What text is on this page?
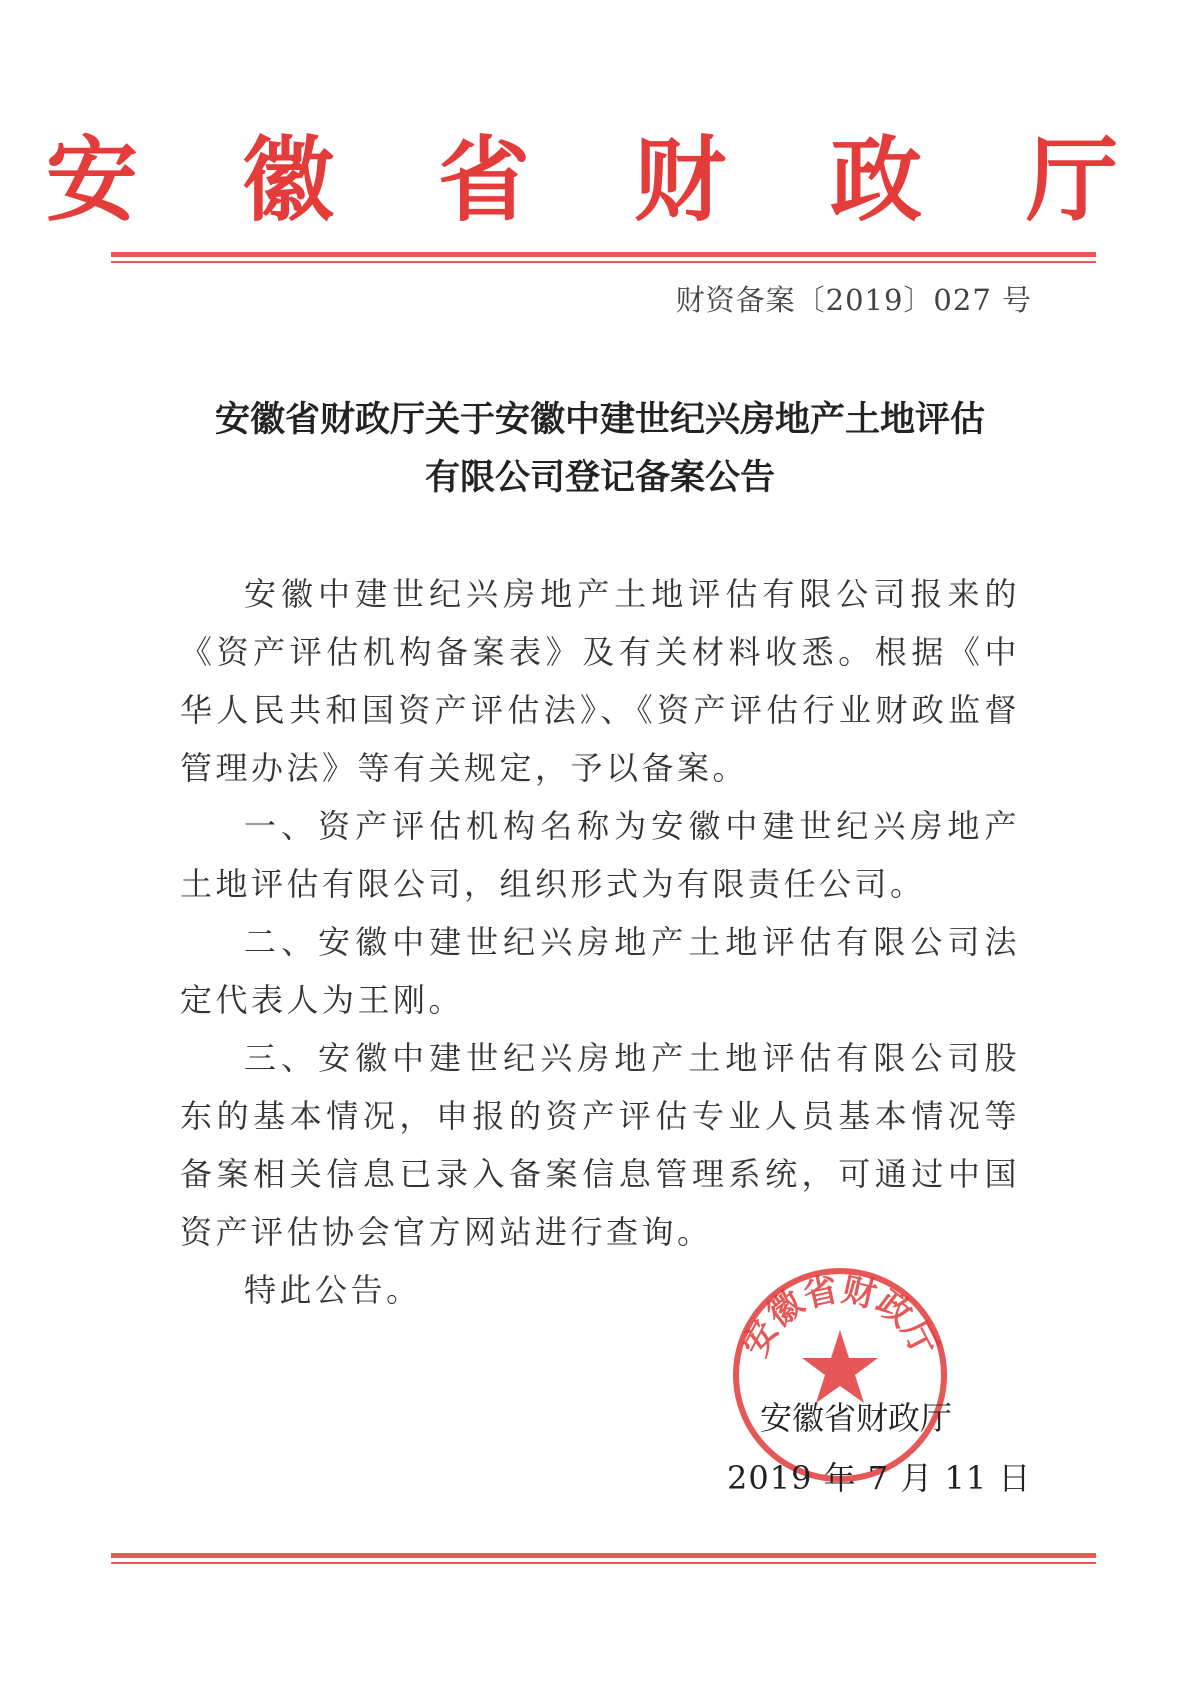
安 徽 省 财 政 厅
财资备案〔2019〕027 号
安徽省财政厅关于安徽中建世纪兴房地产土地评估
有限公司登记备案公告

安徽中建世纪兴房地产土地评估有限公司报来的《资产评估机构备案表》及有关材料收悉。根据《中华人民共和国资产评估法》、《资产评估行业财政监督管理办法》等有关规定，予以备案。

一、资产评估机构名称为安徽中建世纪兴房地产土地评估有限公司，组织形式为有限责任公司。

二、安徽中建世纪兴房地产土地评估有限公司法定代表人为王刚。

三、安徽中建世纪兴房地产土地评估有限公司股东的基本情况，申报的资产评估专业人员基本情况等备案相关信息已录入备案信息管理系统，可通过中国资产评估协会官方网站进行查询。

特此公告。

安徽省财政厅
安徽省财政厅
2019 年 7 月 11 日
